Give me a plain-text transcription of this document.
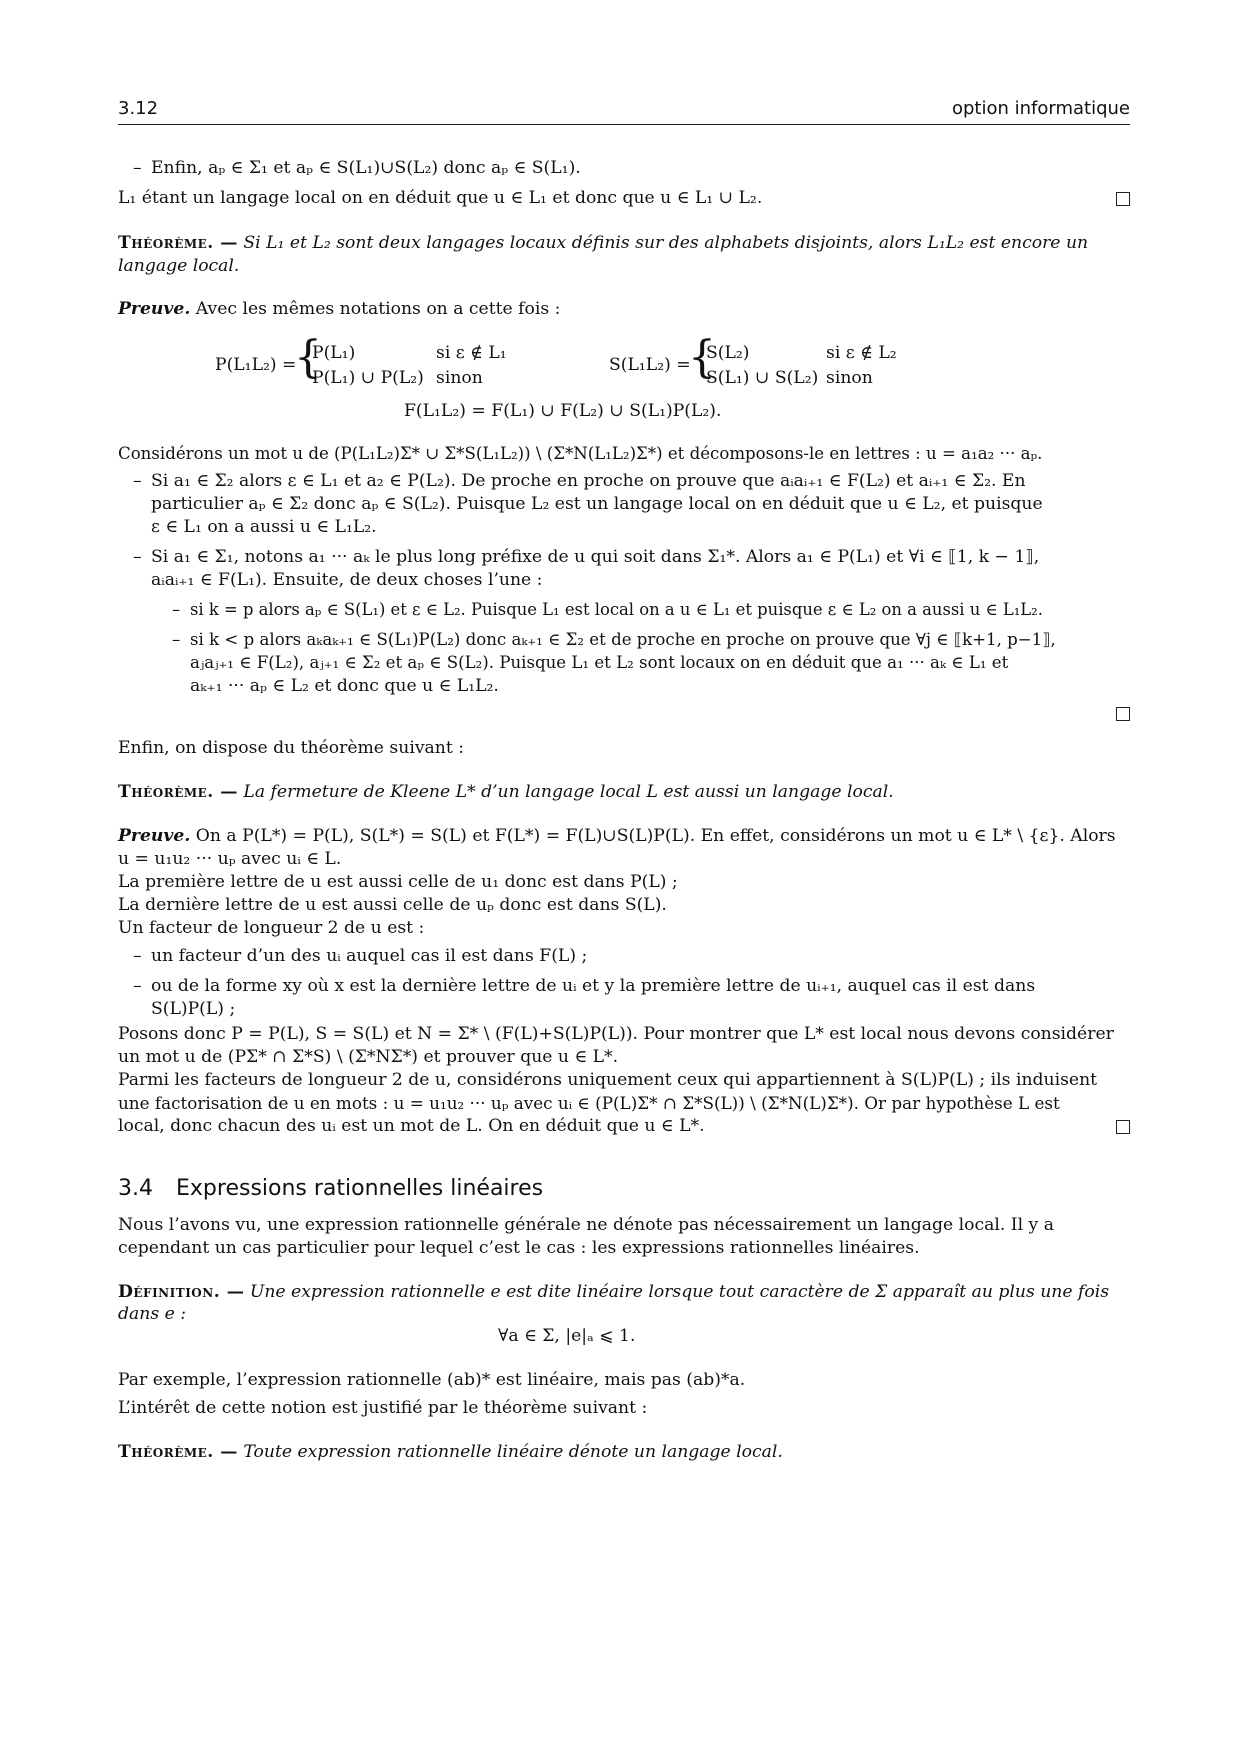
3.12	option informatique
– Enfin, aₚ ∈ Σ₁ et aₚ ∈ S(L₁)∪S(L₂) donc aₚ ∈ S(L₁).
L₁ étant un langage local on en déduit que u ∈ L₁ et donc que u ∈ L₁ ∪ L₂.
Théorème. — Si L₁ et L₂ sont deux langages locaux définis sur des alphabets disjoints, alors L₁L₂ est encore un
langage local.
Preuve. Avec les mêmes notations on a cette fois :
P(L₁L₂) =
{
P(L₁)	si ε ∉ L₁
P(L₁) ∪ P(L₂) sinon
S(L₁L₂) =
{
S(L₂)	si ε ∉ L₂
S(L₁) ∪ S(L₂) sinon
F(L₁L₂) = F(L₁) ∪ F(L₂) ∪ S(L₁)P(L₂).
Considérons un mot u de (P(L₁L₂)Σ* ∪ Σ*S(L₁L₂)) \ (Σ*N(L₁L₂)Σ*) et décomposons-le en lettres : u = a₁a₂ ··· aₚ.
– Si a₁ ∈ Σ₂ alors ε ∈ L₁ et a₂ ∈ P(L₂). De proche en proche on prouve que aᵢaᵢ₊₁ ∈ F(L₂) et aᵢ₊₁ ∈ Σ₂. En
particulier aₚ ∈ Σ₂ donc aₚ ∈ S(L₂). Puisque L₂ est un langage local on en déduit que u ∈ L₂, et puisque
ε ∈ L₁ on a aussi u ∈ L₁L₂.
– Si a₁ ∈ Σ₁, notons a₁ ··· aₖ le plus long préfixe de u qui soit dans Σ₁*. Alors a₁ ∈ P(L₁) et ∀i ∈ ⟦1, k − 1⟧,
aᵢaᵢ₊₁ ∈ F(L₁). Ensuite, de deux choses l’une :
– si k = p alors aₚ ∈ S(L₁) et ε ∈ L₂. Puisque L₁ est local on a u ∈ L₁ et puisque ε ∈ L₂ on a aussi u ∈ L₁L₂.
– si k < p alors aₖaₖ₊₁ ∈ S(L₁)P(L₂) donc aₖ₊₁ ∈ Σ₂ et de proche en proche on prouve que ∀j ∈ ⟦k+1, p−1⟧,
aⱼaⱼ₊₁ ∈ F(L₂), aⱼ₊₁ ∈ Σ₂ et aₚ ∈ S(L₂). Puisque L₁ et L₂ sont locaux on en déduit que a₁ ··· aₖ ∈ L₁ et
aₖ₊₁ ··· aₚ ∈ L₂ et donc que u ∈ L₁L₂.
Enfin, on dispose du théorème suivant :
Théorème. — La fermeture de Kleene L* d’un langage local L est aussi un langage local.
Preuve. On a P(L*) = P(L), S(L*) = S(L) et F(L*) = F(L)∪S(L)P(L). En effet, considérons un mot u ∈ L* \ {ε}. Alors
u = u₁u₂ ··· uₚ avec uᵢ ∈ L.
La première lettre de u est aussi celle de u₁ donc est dans P(L) ;
La dernière lettre de u est aussi celle de uₚ donc est dans S(L).
Un facteur de longueur 2 de u est :
– un facteur d’un des uᵢ auquel cas il est dans F(L) ;
– ou de la forme xy où x est la dernière lettre de uᵢ et y la première lettre de uᵢ₊₁, auquel cas il est dans
S(L)P(L) ;
Posons donc P = P(L), S = S(L) et N = Σ* \ (F(L)+S(L)P(L)). Pour montrer que L* est local nous devons considérer
un mot u de (PΣ* ∩ Σ*S) \ (Σ*NΣ*) et prouver que u ∈ L*.
Parmi les facteurs de longueur 2 de u, considérons uniquement ceux qui appartiennent à S(L)P(L) ; ils induisent
une factorisation de u en mots : u = u₁u₂ ··· uₚ avec uᵢ ∈ (P(L)Σ* ∩ Σ*S(L)) \ (Σ*N(L)Σ*). Or par hypothèse L est
local, donc chacun des uᵢ est un mot de L. On en déduit que u ∈ L*.
3.4 Expressions rationnelles linéaires
Nous l’avons vu, une expression rationnelle générale ne dénote pas nécessairement un langage local. Il y a
cependant un cas particulier pour lequel c’est le cas : les expressions rationnelles linéaires.
Définition. — Une expression rationnelle e est dite linéaire lorsque tout caractère de Σ apparaît au plus une fois
dans e :
∀a ∈ Σ, |e|ₐ ⩽ 1.
Par exemple, l’expression rationnelle (ab)* est linéaire, mais pas (ab)*a.
L’intérêt de cette notion est justifié par le théorème suivant :
Théorème. — Toute expression rationnelle linéaire dénote un langage local.
